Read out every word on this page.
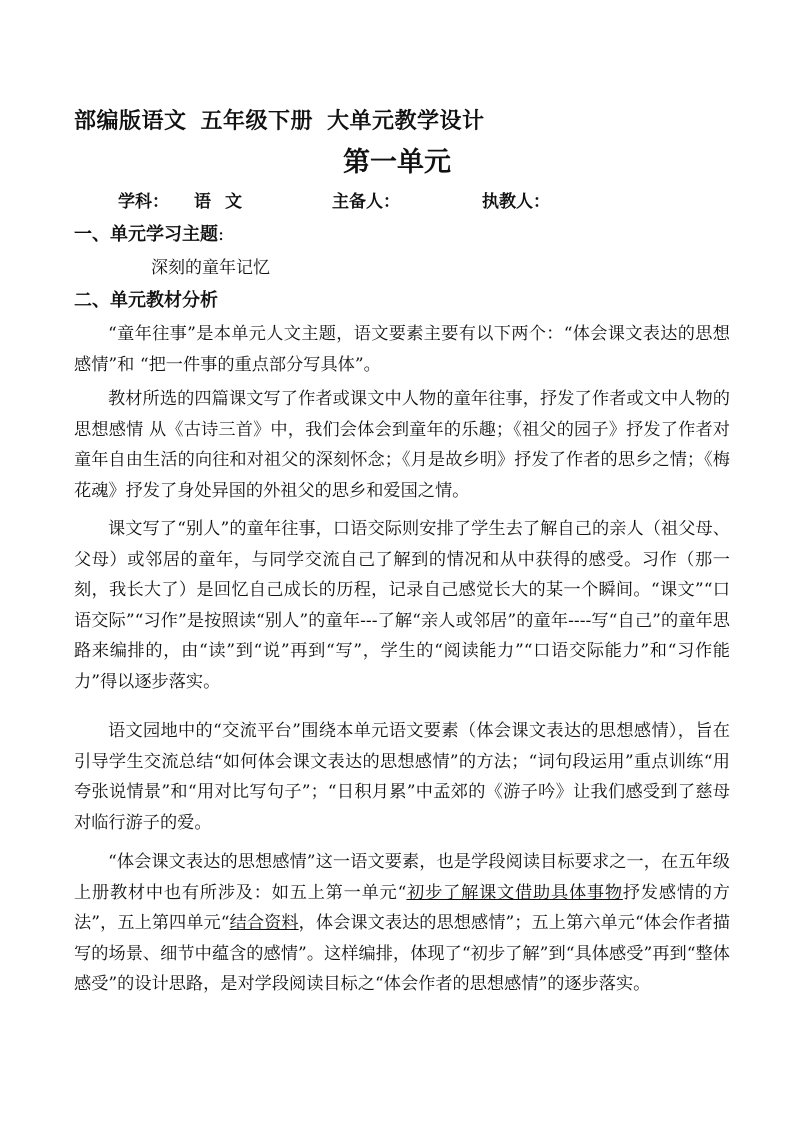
部编版语文 五年级下册 大单元教学设计
第一单元
学科： 语文	主备人：	执教人：
一、单元学习主题:
深刻的童年记忆
二、单元教材分析

“童年往事”是本单元人文主题，语文要素主要有以下两个：“体会课文表达的思想感情”和 “把一件事的重点部分写具体”。

教材所选的四篇课文写了作者或课文中人物的童年往事，抒发了作者或文中人物的思想感情 从《古诗三首》中，我们会体会到童年的乐趣；《祖父的园子》抒发了作者对童年自由生活的向往和对祖父的深刻怀念；《月是故乡明》抒发了作者的思乡之情；《梅花魂》抒发了身处异国的外祖父的思乡和爱国之情。

课文写了“别人”的童年往事，口语交际则安排了学生去了解自己的亲人（祖父母、父母）或邻居的童年，与同学交流自己了解到的情况和从中获得的感受。习作（那一刻，我长大了）是回忆自己成长的历程，记录自己感觉长大的某一个瞬间。“课文”“口语交际”“习作”是按照读“别人”的童年---了解“亲人或邻居”的童年----写“自己”的童年思路来编排的，由“读”到“说”再到“写”，学生的“阅读能力”“口语交际能力”和“习作能力”得以逐步落实。

语文园地中的“交流平台”围绕本单元语文要素（体会课文表达的思想感情），旨在引导学生交流总结“如何体会课文表达的思想感情”的方法；“词句段运用”重点训练“用夸张说情景”和“用对比写句子”；“日积月累”中孟郊的《游子吟》让我们感受到了慈母对临行游子的爱。

“体会课文表达的思想感情”这一语文要素，也是学段阅读目标要求之一，在五年级上册教材中也有所涉及：如五上第一单元“初步了解课文借助具体事物抒发感情的方法”，五上第四单元“结合资料，体会课文表达的思想感情”；五上第六单元“体会作者描写的场景、细节中蕴含的感情”。这样编排，体现了“初步了解”到“具体感受”再到“整体感受”的设计思路，是对学段阅读目标之“体会作者的思想感情”的逐步落实。
